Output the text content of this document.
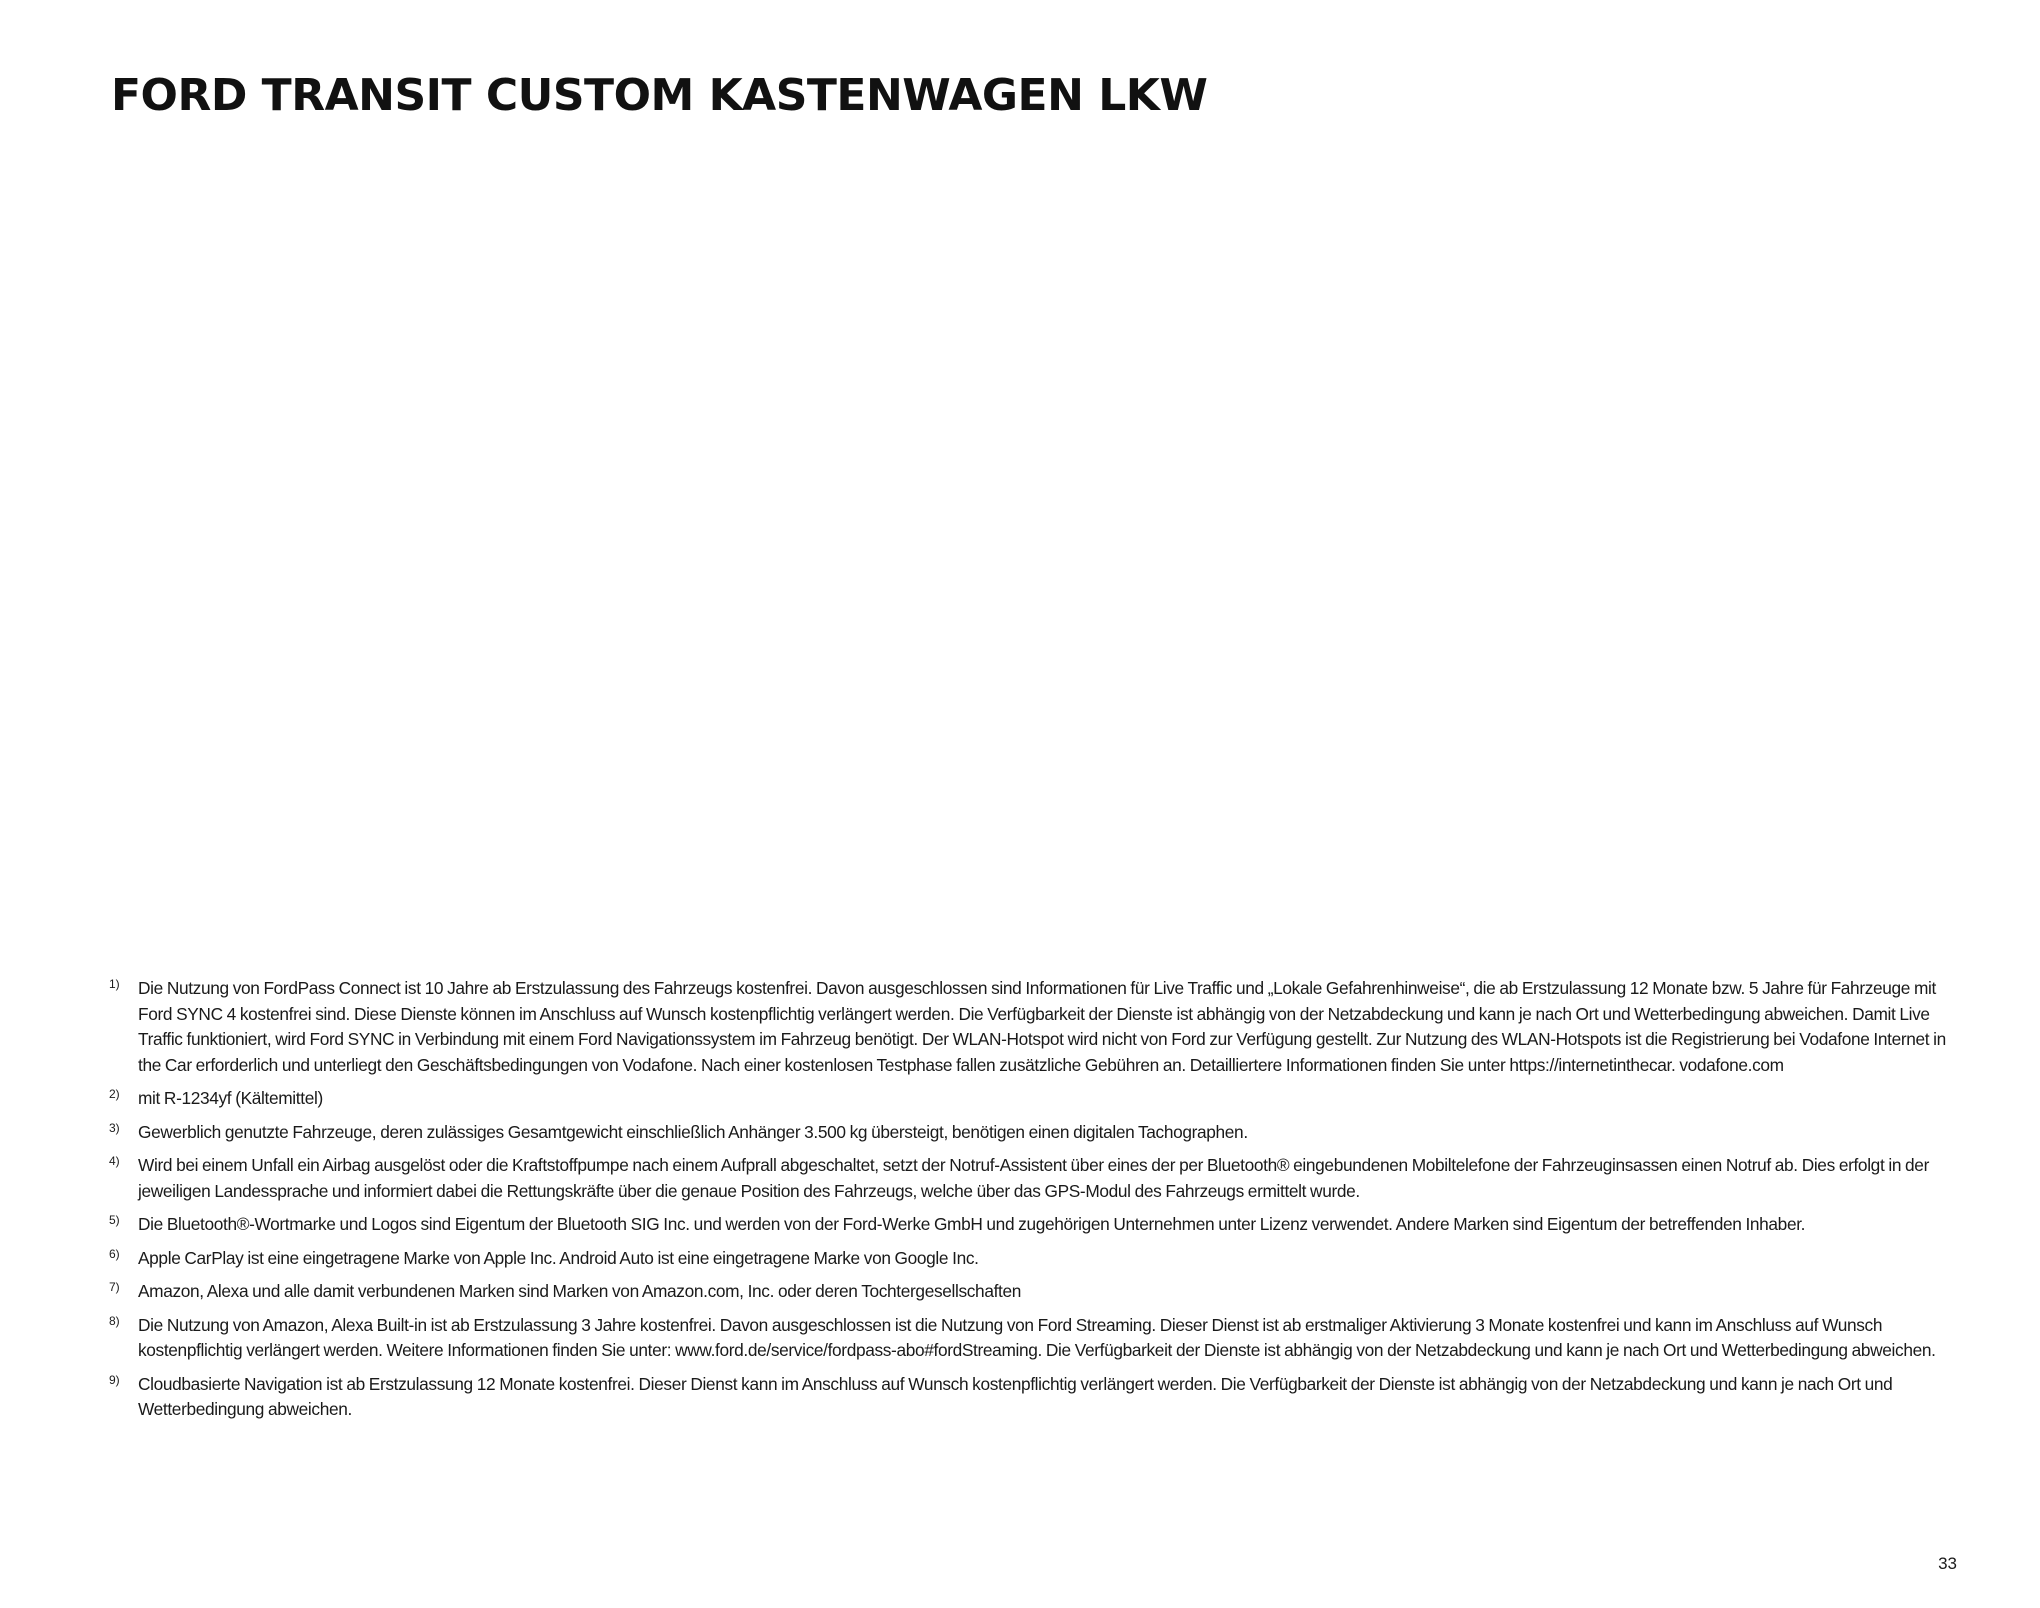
FORD TRANSIT CUSTOM KASTENWAGEN LKW
1)	Die Nutzung von FordPass Connect ist 10 Jahre ab Erstzulassung des Fahrzeugs kostenfrei. Davon ausgeschlossen sind Informationen für Live Traffic und „Lokale Gefahrenhinweise“, die ab Erstzulassung 12 Monate bzw. 5 Jahre für Fahrzeuge mit Ford SYNC 4 kostenfrei sind. Diese Dienste können im Anschluss auf Wunsch kostenpflichtig verlängert werden. Die Verfügbarkeit der Dienste ist abhängig von der Netzabdeckung und kann je nach Ort und Wetterbedingung abweichen. Damit Live Traffic funktioniert, wird Ford SYNC in Verbindung mit einem Ford Navigationssystem im Fahrzeug benötigt. Der WLAN-Hotspot wird nicht von Ford zur Verfügung gestellt. Zur Nutzung des WLAN-Hotspots ist die Registrierung bei Vodafone Internet in the Car erforderlich und unterliegt den Geschäftsbedingungen von Vodafone. Nach einer kostenlosen Testphase fallen zusätzliche Gebühren an. Detailliertere Informationen finden Sie unter https://internetinthecar. vodafone.com
2)	mit R-1234yf (Kältemittel)
3)	Gewerblich genutzte Fahrzeuge, deren zulässiges Gesamtgewicht einschließlich Anhänger 3.500 kg übersteigt, benötigen einen digitalen Tachographen.
4)	Wird bei einem Unfall ein Airbag ausgelöst oder die Kraftstoffpumpe nach einem Aufprall abgeschaltet, setzt der Notruf-Assistent über eines der per Bluetooth® eingebundenen Mobiltelefone der Fahrzeuginsassen einen Notruf ab. Dies erfolgt in der jeweiligen Landessprache und informiert dabei die Rettungskräfte über die genaue Position des Fahrzeugs, welche über das GPS-Modul des Fahrzeugs ermittelt wurde.
5)	Die Bluetooth®-Wortmarke und Logos sind Eigentum der Bluetooth SIG Inc. und werden von der Ford-Werke GmbH und zugehörigen Unternehmen unter Lizenz verwendet. Andere Marken sind Eigentum der betreffenden Inhaber.
6)	Apple CarPlay ist eine eingetragene Marke von Apple Inc. Android Auto ist eine eingetragene Marke von Google Inc.
7)	Amazon, Alexa und alle damit verbundenen Marken sind Marken von Amazon.com, Inc. oder deren Tochtergesellschaften
8)	Die Nutzung von Amazon, Alexa Built-in ist ab Erstzulassung 3 Jahre kostenfrei. Davon ausgeschlossen ist die Nutzung von Ford Streaming. Dieser Dienst ist ab erstmaliger Aktivierung 3 Monate kostenfrei und kann im Anschluss auf Wunsch kostenpflichtig verlängert werden. Weitere Informationen finden Sie unter: www.ford.de/service/fordpass-abo#fordStreaming. Die Verfügbarkeit der Dienste ist abhängig von der Netzabdeckung und kann je nach Ort und Wetterbedingung abweichen.
9)	Cloudbasierte Navigation ist ab Erstzulassung 12 Monate kostenfrei. Dieser Dienst kann im Anschluss auf Wunsch kostenpflichtig verlängert werden. Die Verfügbarkeit der Dienste ist abhängig von der Netzabdeckung und kann je nach Ort und Wetterbedingung abweichen.
33
